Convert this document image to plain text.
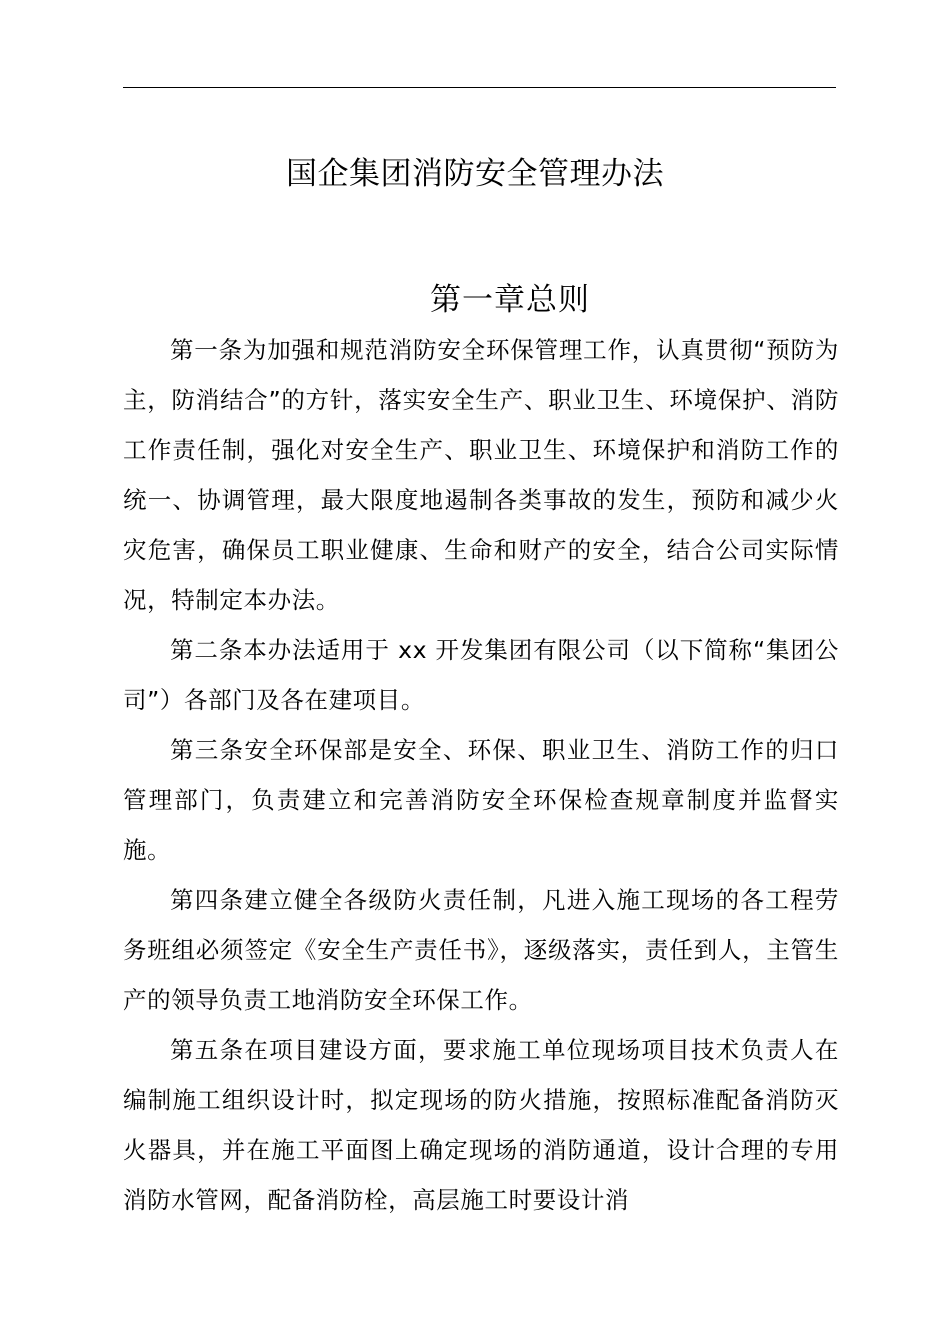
国企集团消防安全管理办法
第一章总则

第一条为加强和规范消防安全环保管理工作，认真贯彻“预防为主，防消结合”的方针，落实安全生产、职业卫生、环境保护、消防工作责任制，强化对安全生产、职业卫生、环境保护和消防工作的统一、协调管理，最大限度地遏制各类事故的发生，预防和减少火灾危害，确保员工职业健康、生命和财产的安全，结合公司实际情况，特制定本办法。

第二条本办法适用于 xx 开发集团有限公司（以下简称“集团公司”）各部门及各在建项目。

第三条安全环保部是安全、环保、职业卫生、消防工作的归口管理部门，负责建立和完善消防安全环保检查规章制度并监督实施。

第四条建立健全各级防火责任制，凡进入施工现场的各工程劳务班组必须签定《安全生产责任书》，逐级落实，责任到人，主管生产的领导负责工地消防安全环保工作。

第五条在项目建设方面，要求施工单位现场项目技术负责人在编制施工组织设计时，拟定现场的防火措施，按照标准配备消防灭火器具，并在施工平面图上确定现场的消防通道，设计合理的专用消防水管网，配备消防栓，高层施工时要设计消
